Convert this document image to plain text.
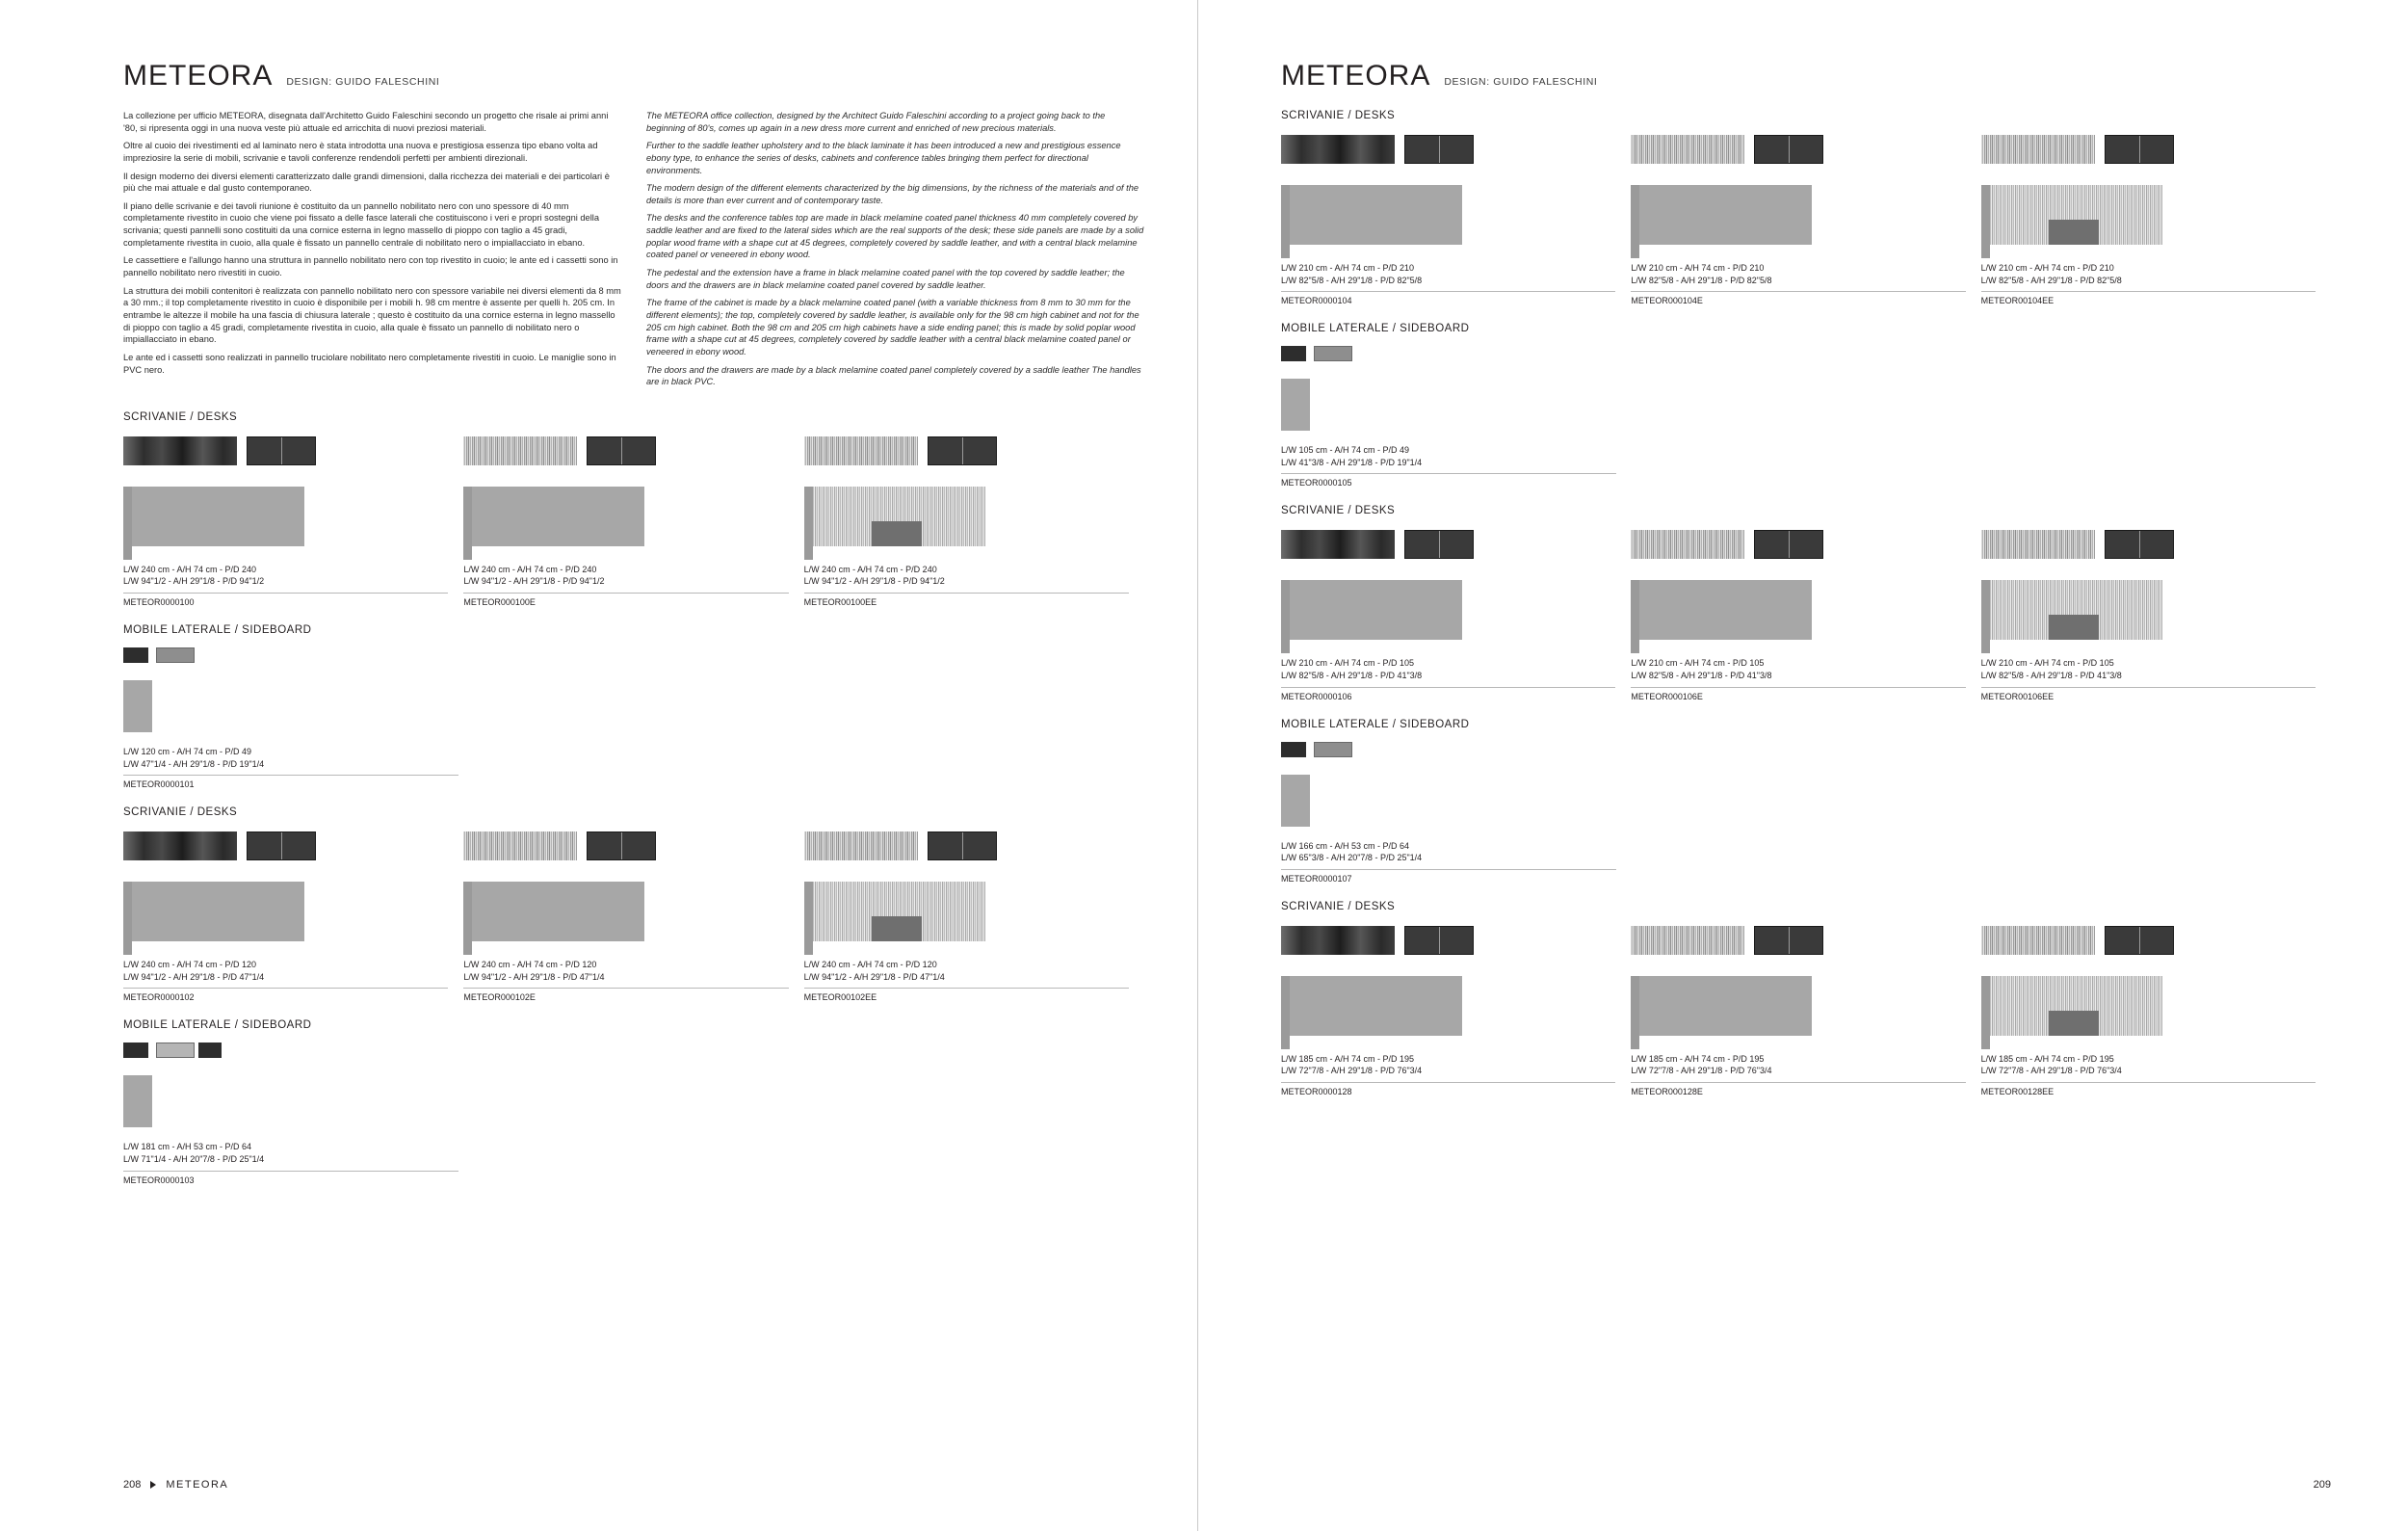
METEORA DESIGN: GUIDO FALESCHINI

La collezione per ufficio METEORA, disegnata dall'Architetto Guido Faleschini secondo un progetto che risale ai primi anni '80, si ripresenta oggi in una nuova veste più attuale ed arricchita di nuovi preziosi materiali.

Oltre al cuoio dei rivestimenti ed al laminato nero è stata introdotta una nuova e prestigiosa essenza tipo ebano volta ad impreziosire la serie di mobili, scrivanie e tavoli conferenze rendendoli perfetti per ambienti direzionali.

Il design moderno dei diversi elementi caratterizzato dalle grandi dimensioni, dalla ricchezza dei materiali e dei particolari è più che mai attuale e dal gusto contemporaneo.

Il piano delle scrivanie e dei tavoli riunione è costituito da un pannello nobilitato nero con uno spessore di 40 mm completamente rivestito in cuoio che viene poi fissato a delle fasce laterali che costituiscono i veri e propri sostegni della scrivania; questi pannelli sono costituiti da una cornice esterna in legno massello di pioppo con taglio a 45 gradi, completamente rivestita in cuoio, alla quale è fissato un pannello centrale di nobilitato nero o impiallacciato in ebano.

Le cassettiere e l'allungo hanno una struttura in pannello nobilitato nero con top rivestito in cuoio; le ante ed i cassetti sono in pannello nobilitato nero rivestiti in cuoio.

La struttura dei mobili contenitori è realizzata con pannello nobilitato nero con spessore variabile nei diversi elementi da 8 mm a 30 mm.; il top completamente rivestito in cuoio è disponibile per i mobili h. 98 cm mentre è assente per quelli h. 205 cm. In entrambe le altezze il mobile ha una fascia di chiusura laterale ; questo è costituito da una cornice esterna in legno massello di pioppo con taglio a 45 gradi, completamente rivestita in cuoio, alla quale è fissato un pannello di nobilitato nero o impiallacciato in ebano.

Le ante ed i cassetti sono realizzati in pannello truciolare nobilitato nero completamente rivestiti in cuoio. Le maniglie sono in PVC nero.

The METEORA office collection, designed by the Architect Guido Faleschini according to a project going back to the beginning of 80's, comes up again in a new dress more current and enriched of new precious materials.

Further to the saddle leather upholstery and to the black laminate it has been introduced a new and prestigious essence ebony type, to enhance the series of desks, cabinets and conference tables bringing them perfect for directional environments.

The modern design of the different elements characterized by the big dimensions, by the richness of the materials and of the details is more than ever current and of contemporary taste.

The desks and the conference tables top are made in black melamine coated panel thickness 40 mm completely covered by saddle leather and are fixed to the lateral sides which are the real supports of the desk; these side panels are made by a solid poplar wood frame with a shape cut at 45 degrees, completely covered by saddle leather, and with a central black melamine coated panel or veneered in ebony wood.

The pedestal and the extension have a frame in black melamine coated panel with the top covered by saddle leather; the doors and the drawers are in black melamine coated panel covered by saddle leather.

The frame of the cabinet is made by a black melamine coated panel (with a variable thickness from 8 mm to 30 mm for the different elements); the top, completely covered by saddle leather, is available only for the 98 cm high cabinet and not for the 205 cm high cabinet. Both the 98 cm and 205 cm high cabinets have a side ending panel; this is made by solid poplar wood frame with a shape cut at 45 degrees, completely covered by saddle leather with a central black melamine coated panel or veneered in ebony wood.

The doors and the drawers are made by a black melamine coated panel completely covered by a saddle leather The handles are in black PVC.

SCRIVANIE / DESKS
L/W 240 cm - A/H 74 cm - P/D 240
L/W 94"1/2 - A/H 29"1/8 - P/D 94"1/2
METEOR0000100
L/W 240 cm - A/H 74 cm - P/D 240
L/W 94"1/2 - A/H 29"1/8 - P/D 94"1/2
METEOR000100E
L/W 240 cm - A/H 74 cm - P/D 240
L/W 94"1/2 - A/H 29"1/8 - P/D 94"1/2
METEOR00100EE
MOBILE LATERALE / SIDEBOARD
L/W 120 cm - A/H 74 cm - P/D 49
L/W 47"1/4 - A/H 29"1/8 - P/D 19"1/4
METEOR0000101
SCRIVANIE / DESKS
L/W 240 cm - A/H 74 cm - P/D 120
L/W 94"1/2 - A/H 29"1/8 - P/D 47"1/4
METEOR0000102
L/W 240 cm - A/H 74 cm - P/D 120
L/W 94"1/2 - A/H 29"1/8 - P/D 47"1/4
METEOR000102E
L/W 240 cm - A/H 74 cm - P/D 120
L/W 94"1/2 - A/H 29"1/8 - P/D 47"1/4
METEOR00102EE
MOBILE LATERALE / SIDEBOARD
L/W 181 cm - A/H 53 cm - P/D 64
L/W 71"1/4 - A/H 20"7/8 - P/D 25"1/4
METEOR0000103
208 METEORA
METEORA DESIGN: GUIDO FALESCHINI
SCRIVANIE / DESKS
L/W 210 cm - A/H 74 cm - P/D 210
L/W 82"5/8 - A/H 29"1/8 - P/D 82"5/8
METEOR0000104
L/W 210 cm - A/H 74 cm - P/D 210
L/W 82"5/8 - A/H 29"1/8 - P/D 82"5/8
METEOR000104E
L/W 210 cm - A/H 74 cm - P/D 210
L/W 82"5/8 - A/H 29"1/8 - P/D 82"5/8
METEOR00104EE
MOBILE LATERALE / SIDEBOARD
L/W 105 cm - A/H 74 cm - P/D 49
L/W 41"3/8 - A/H 29"1/8 - P/D 19"1/4
METEOR0000105
SCRIVANIE / DESKS
L/W 210 cm - A/H 74 cm - P/D 105
L/W 82"5/8 - A/H 29"1/8 - P/D 41"3/8
METEOR0000106
L/W 210 cm - A/H 74 cm - P/D 105
L/W 82"5/8 - A/H 29"1/8 - P/D 41"3/8
METEOR000106E
L/W 210 cm - A/H 74 cm - P/D 105
L/W 82"5/8 - A/H 29"1/8 - P/D 41"3/8
METEOR00106EE
MOBILE LATERALE / SIDEBOARD
L/W 166 cm - A/H 53 cm - P/D 64
L/W 65"3/8 - A/H 20"7/8 - P/D 25"1/4
METEOR0000107
SCRIVANIE / DESKS
L/W 185 cm - A/H 74 cm - P/D 195
L/W 72"7/8 - A/H 29"1/8 - P/D 76"3/4
METEOR0000128
L/W 185 cm - A/H 74 cm - P/D 195
L/W 72"7/8 - A/H 29"1/8 - P/D 76"3/4
METEOR000128E
L/W 185 cm - A/H 74 cm - P/D 195
L/W 72"7/8 - A/H 29"1/8 - P/D 76"3/4
METEOR00128EE
209
